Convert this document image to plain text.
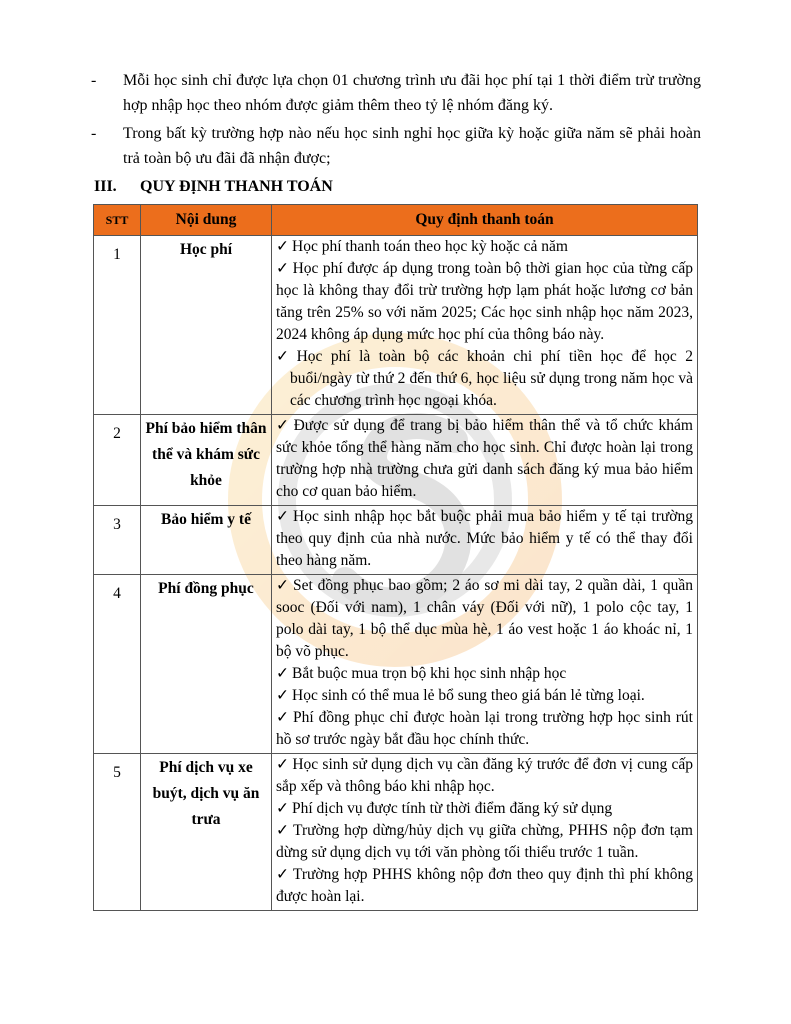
-	Mỗi học sinh chỉ được lựa chọn 01 chương trình ưu đãi học phí tại 1 thời điểm trừ trường hợp nhập học theo nhóm được giảm thêm theo tỷ lệ nhóm đăng ký.
-	Trong bất kỳ trường hợp nào nếu học sinh nghỉ học giữa kỳ hoặc giữa năm sẽ phải hoàn trả toàn bộ ưu đãi đã nhận được;
III.	QUY ĐỊNH THANH TOÁN
STT	Nội dung	Quy định thanh toán
1	Học phí	✓ Học phí thanh toán theo học kỳ hoặc cả năm
✓ Học phí được áp dụng trong toàn bộ thời gian học của từng cấp học là không thay đổi trừ trường hợp lạm phát hoặc lương cơ bản tăng trên 25% so với năm 2025; Các học sinh nhập học năm 2023, 2024 không áp dụng mức học phí của thông báo này.
✓ Học phí là toàn bộ các khoản chi phí tiền học để học 2 buổi/ngày từ thứ 2 đến thứ 6, học liệu sử dụng trong năm học và các chương trình học ngoại khóa.

2	Phí bảo hiểm thân thể và khám sức khỏe	✓ Được sử dụng để trang bị bảo hiểm thân thể và tổ chức khám sức khỏe tổng thể hàng năm cho học sinh. Chỉ được hoàn lại trong trường hợp nhà trường chưa gửi danh sách đăng ký mua bảo hiểm cho cơ quan bảo hiểm.

3	Bảo hiểm y tế	✓ Học sinh nhập học bắt buộc phải mua bảo hiểm y tế tại trường theo quy định của nhà nước. Mức bảo hiểm y tế có thể thay đổi theo hàng năm.

4	Phí đồng phục	✓ Set đồng phục bao gồm; 2 áo sơ mi dài tay, 2 quần dài, 1 quần sooc (Đối với nam), 1 chân váy (Đối với nữ), 1 polo cộc tay, 1 polo dài tay, 1 bộ thể dục mùa hè, 1 áo vest hoặc 1 áo khoác nỉ, 1 bộ võ phục.
✓ Bắt buộc mua trọn bộ khi học sinh nhập học
✓ Học sinh có thể mua lẻ bổ sung theo giá bán lẻ từng loại.
✓ Phí đồng phục chỉ được hoàn lại trong trường hợp học sinh rút hồ sơ trước ngày bắt đầu học chính thức.

5	Phí dịch vụ xe buýt, dịch vụ ăn trưa	✓ Học sinh sử dụng dịch vụ cần đăng ký trước để đơn vị cung cấp sắp xếp và thông báo khi nhập học.
✓ Phí dịch vụ được tính từ thời điểm đăng ký sử dụng
✓ Trường hợp dừng/hủy dịch vụ giữa chừng, PHHS nộp đơn tạm dừng sử dụng dịch vụ tới văn phòng tối thiểu trước 1 tuần.
✓ Trường hợp PHHS không nộp đơn theo quy định thì phí không được hoàn lại.
